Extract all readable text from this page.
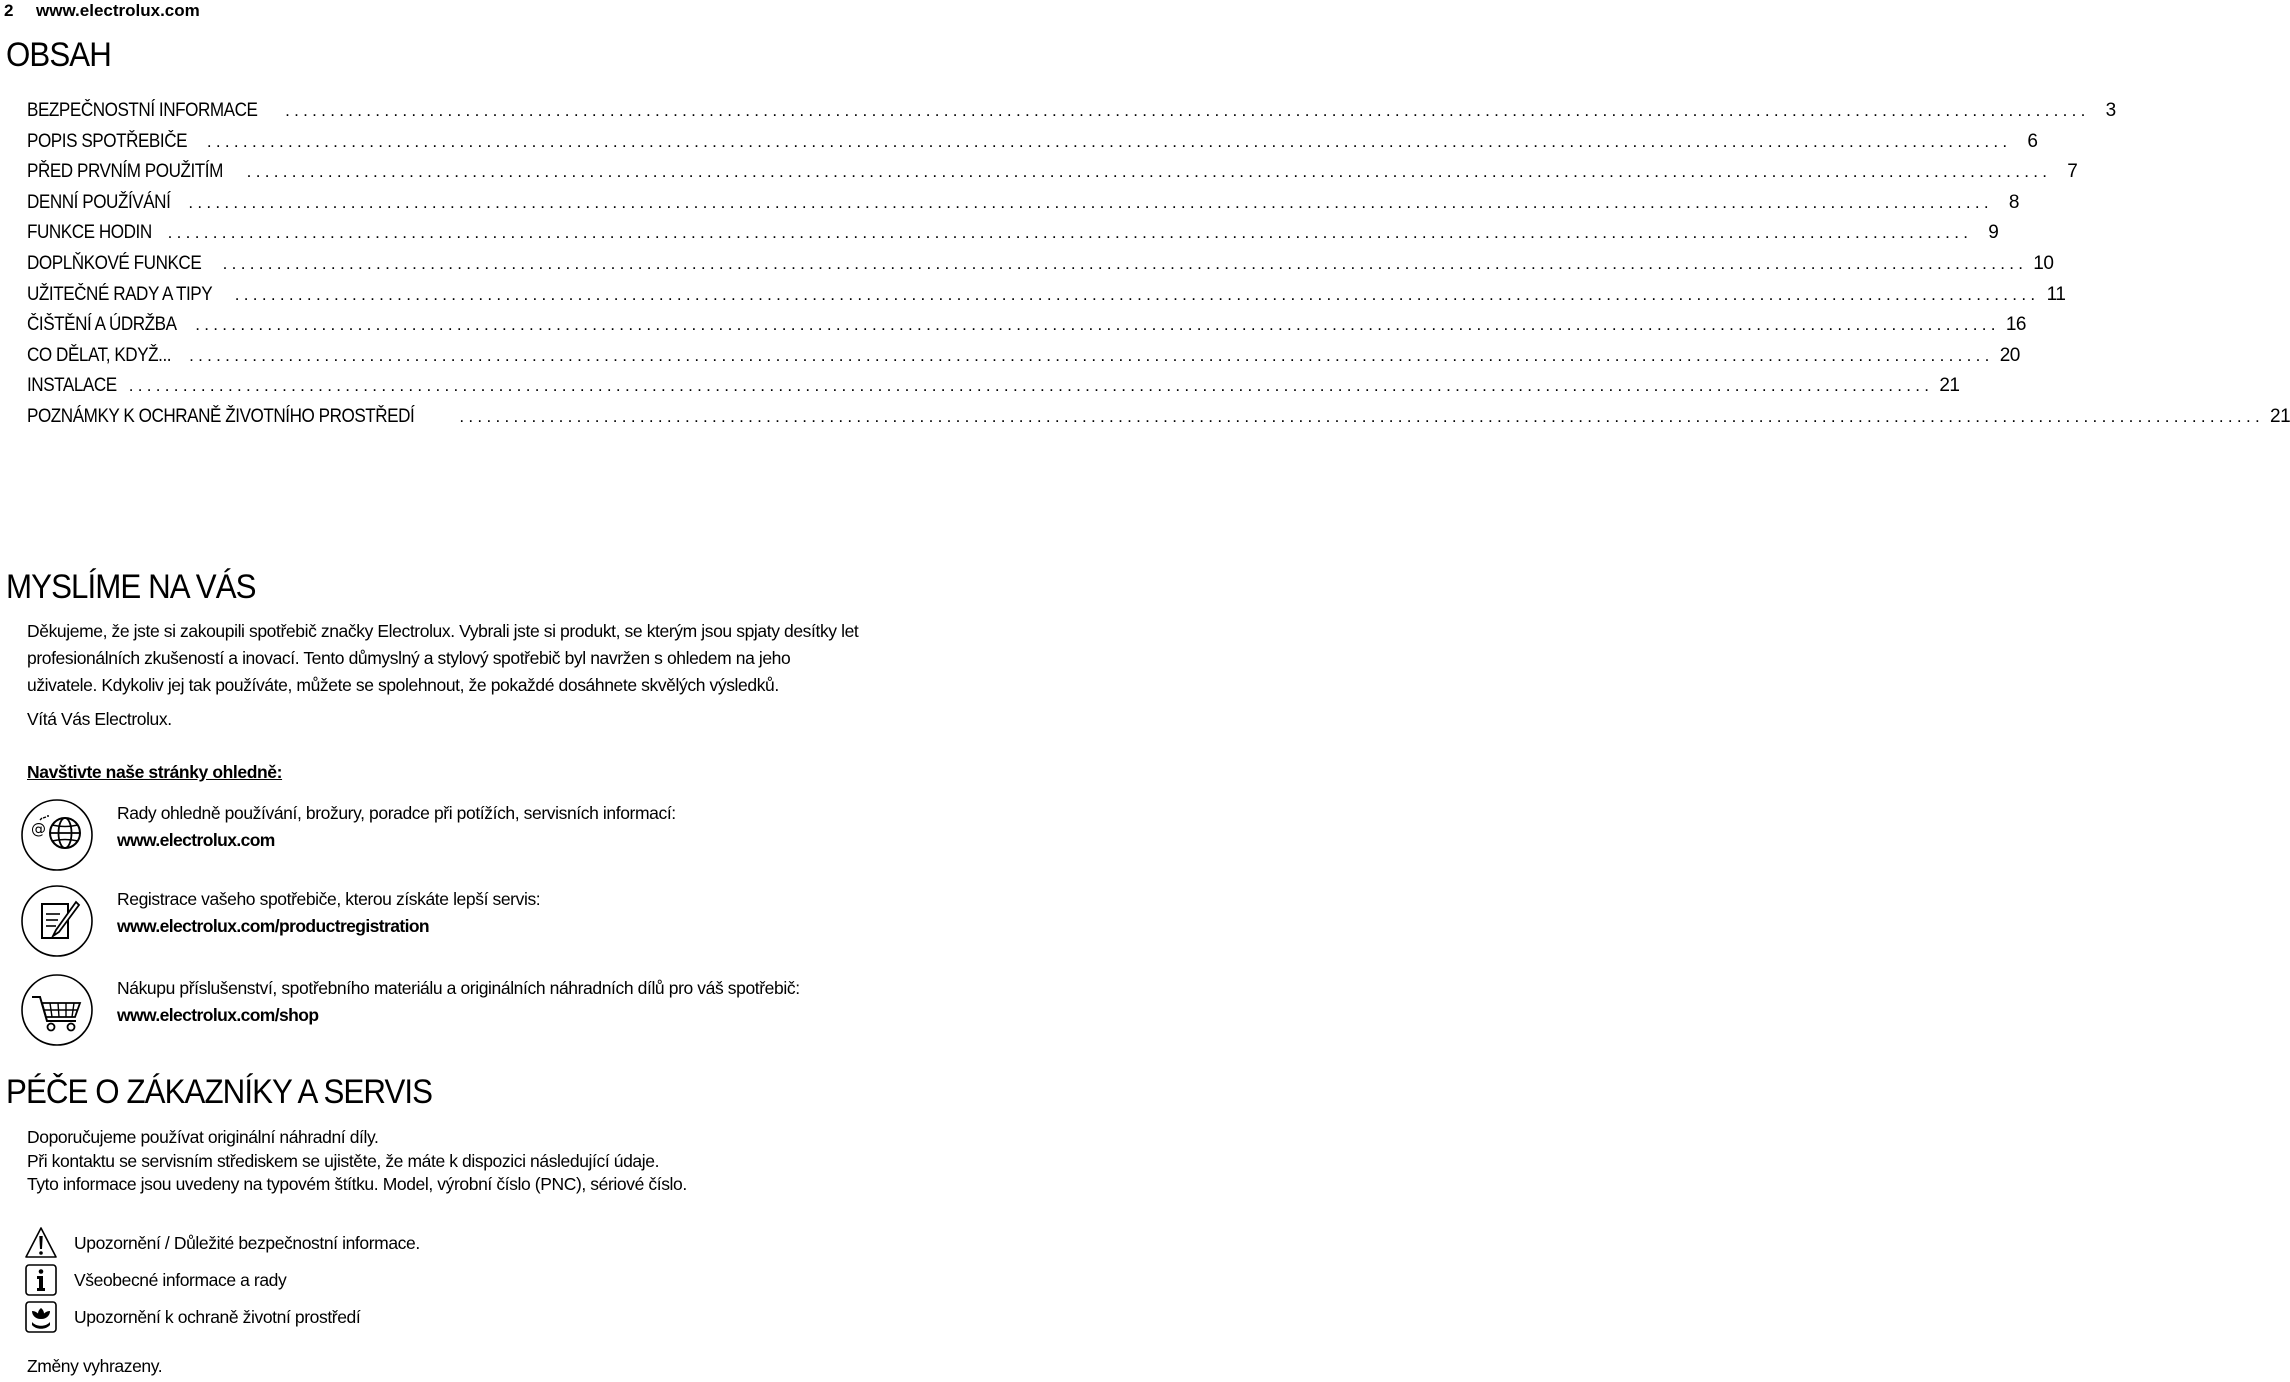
2	www.electrolux.com
OBSAH
BEZPEČNOSTNÍ INFORMACE ........................................................................................................................................................................................................ 3
POPIS SPOTŘEBIČE ........................................................................................................................................................................................................ 6
PŘED PRVNÍM POUŽITÍM ........................................................................................................................................................................................................ 7
DENNÍ POUŽÍVÁNÍ ........................................................................................................................................................................................................ 8
FUNKCE HODIN ........................................................................................................................................................................................................ 9
DOPLŇKOVÉ FUNKCE ........................................................................................................................................................................................................ 10
UŽITEČNÉ RADY A TIPY ........................................................................................................................................................................................................ 11
ČIŠTĚNÍ A ÚDRŽBA ........................................................................................................................................................................................................ 16
CO DĚLAT, KDYŽ... ........................................................................................................................................................................................................ 20
INSTALACE ........................................................................................................................................................................................................ 21
POZNÁMKY K OCHRANĚ ŽIVOTNÍHO PROSTŘEDÍ	........................................................................................................................................................................................................ 21
MYSLÍME NA VÁS

Děkujeme, že jste si zakoupili spotřebič značky Electrolux. Vybrali jste si produkt, se kterým jsou spjaty desítky let

profesionálních zkušeností a inovací. Tento důmyslný a stylový spotřebič byl navržen s ohledem na jeho

uživatele. Kdykoliv jej tak používáte, můžete se spolehnout, že pokaždé dosáhnete skvělých výsledků.

Vítá Vás Electrolux.
Navštivte naše stránky ohledně:
@
Rady ohledně používání, brožury, poradce při potížích, servisních informací:
www.electrolux.com
Registrace vašeho spotřebiče, kterou získáte lepší servis:
www.electrolux.com/productregistration
Nákupu příslušenství, spotřebního materiálu a originálních náhradních dílů pro váš spotřebič:
www.electrolux.com/shop
PÉČE O ZÁKAZNÍKY A SERVIS

Doporučujeme používat originální náhradní díly.

Při kontaktu se servisním střediskem se ujistěte, že máte k dispozici následující údaje.

Tyto informace jsou uvedeny na typovém štítku. Model, výrobní číslo (PNC), sériové číslo.

Upozornění / Důležité bezpečnostní informace.
Všeobecné informace a rady
Upozornění k ochraně životní prostředí
Změny vyhrazeny.
